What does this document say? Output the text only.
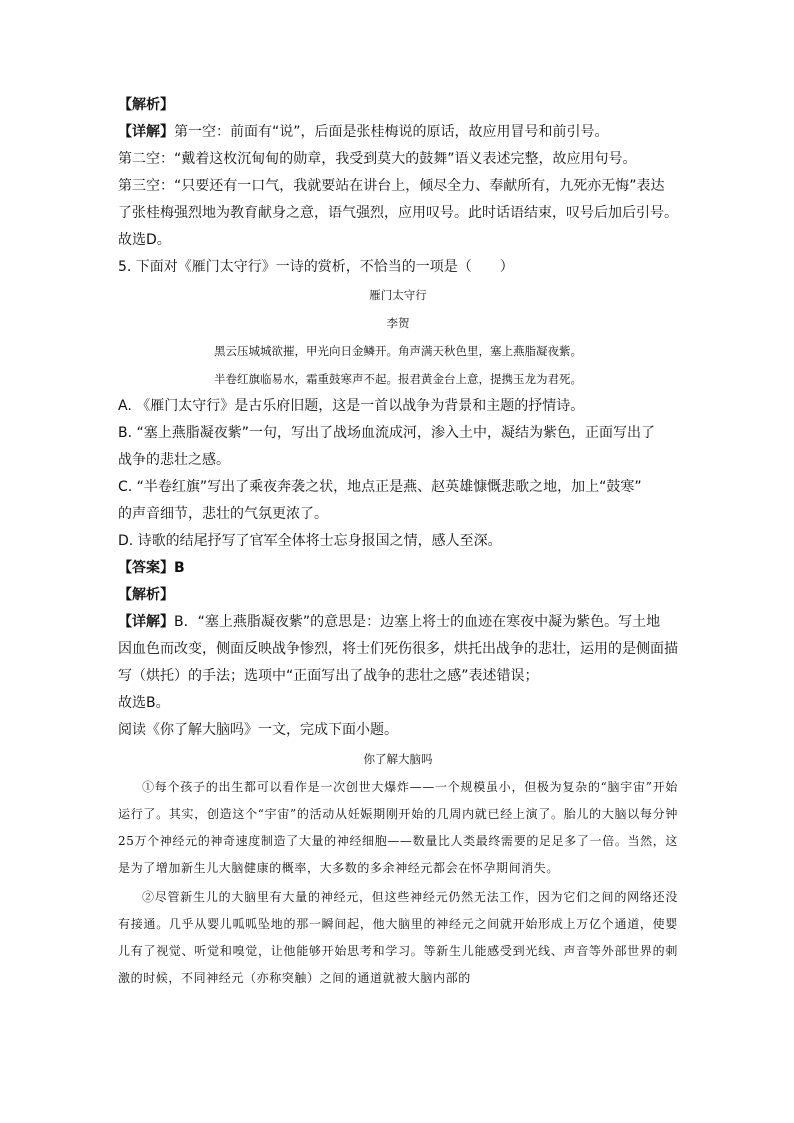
【解析】
【详解】第一空：前面有“说”，后面是张桂梅说的原话，故应用冒号和前引号。
第二空：“戴着这枚沉甸甸的勋章，我受到莫大的鼓舞”语义表述完整，故应用句号。
第三空：“只要还有一口气，我就要站在讲台上，倾尽全力、奉献所有，九死亦无悔”表达
了张桂梅强烈地为教育献身之意，语气强烈，应用叹号。此时话语结束，叹号后加后引号。
故选D。
5. 下面对《雁门太守行》一诗的赏析，不恰当的一项是（　　）
雁门太守行
李贺
黑云压城城欲摧，甲光向日金鳞开。角声满天秋色里，塞上燕脂凝夜紫。
半卷红旗临易水，霜重鼓寒声不起。报君黄金台上意，提携玉龙为君死。
A. 《雁门太守行》是古乐府旧题，这是一首以战争为背景和主题的抒情诗。
B. “塞上燕脂凝夜紫”一句，写出了战场血流成河，渗入土中，凝结为紫色，正面写出了
战争的悲壮之感。
C. “半卷红旗”写出了乘夜奔袭之状，地点正是燕、赵英雄慷慨悲歌之地，加上“鼓寒”
的声音细节，悲壮的气氛更浓了。
D. 诗歌的结尾抒写了官军全体将士忘身报国之情，感人至深。
【答案】B
【解析】
【详解】B．“塞上燕脂凝夜紫”的意思是：边塞上将士的血迹在寒夜中凝为紫色。写土地
因血色而改变，侧面反映战争惨烈，将士们死伤很多，烘托出战争的悲壮，运用的是侧面描
写（烘托）的手法；选项中“正面写出了战争的悲壮之感”表述错误；
故选B。
阅读《你了解大脑吗》一文，完成下面小题。
你了解大脑吗
①每个孩子的出生都可以看作是一次创世大爆炸——一个规模虽小，但极为复杂的“脑宇宙”开始运行了。其实，创造这个“宇宙”的活动从妊娠期刚开始的几周内就已经上演了。胎儿的大脑以每分钟25万个神经元的神奇速度制造了大量的神经细胞——数量比人类最终需要的足足多了一倍。当然，这是为了增加新生儿大脑健康的概率，大多数的多余神经元都会在怀孕期间消失。
②尽管新生儿的大脑里有大量的神经元，但这些神经元仍然无法工作，因为它们之间的网络还没有接通。几乎从婴儿呱呱坠地的那一瞬间起，他大脑里的神经元之间就开始形成上万亿个通道，使婴儿有了视觉、听觉和嗅觉，让他能够开始思考和学习。等新生儿能感受到光线、声音等外部世界的刺激的时候，不同神经元（亦称突触）之间的通道就被大脑内部的
